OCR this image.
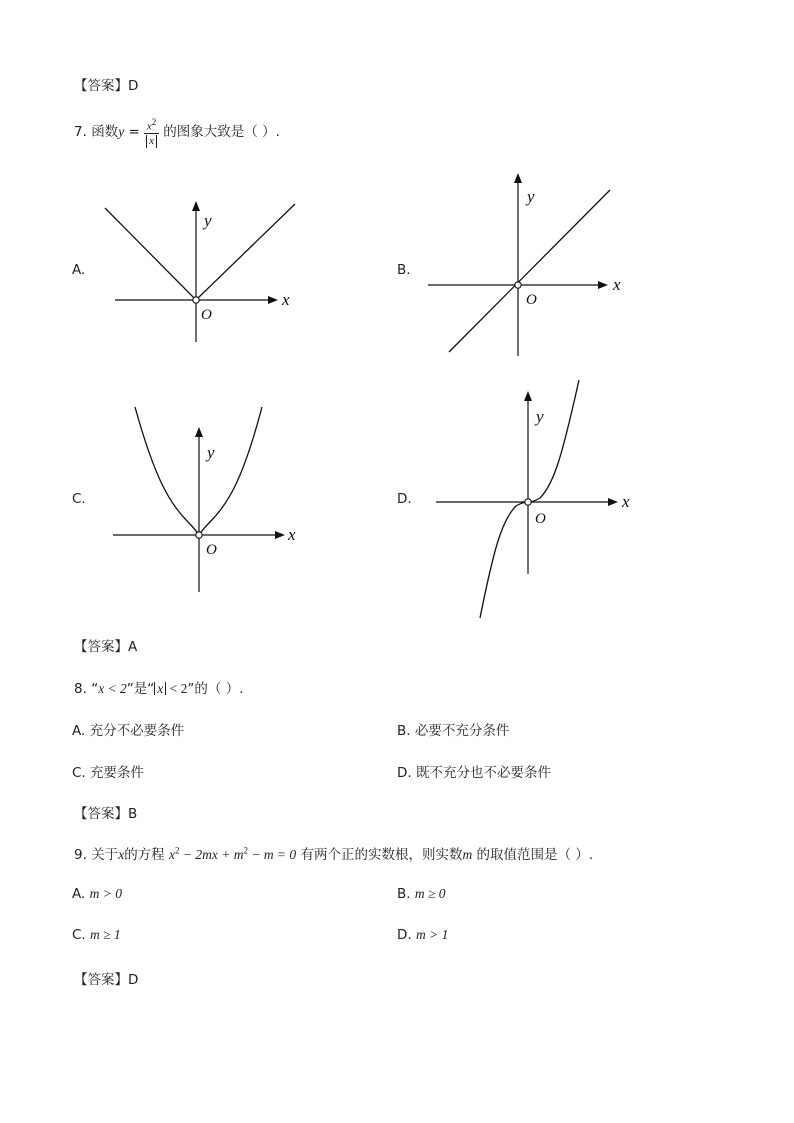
【答案】D
7. 函数$y = \frac{x^2}{x}$ 的图象大致是（ ）.
A.
x
y
O
B.
x
y
O
C.
x
y
O
D.	x
y
O
【答案】A
8. “x < 2”是“ x < 2”的（ ）.
A. 充分不必要条件	B. 必要不充分条件
C. 充要条件	D. 既不充分也不必要条件
【答案】B
9. 关于x的方程 $x^2 - 2mx + m^2 - m = 0$ 有两个正的实数根，则实数m 的取值范围是（ ）.
A. m > 0	B. m ≥ 0
C. m ≥ 1	D. m > 1
【答案】D
